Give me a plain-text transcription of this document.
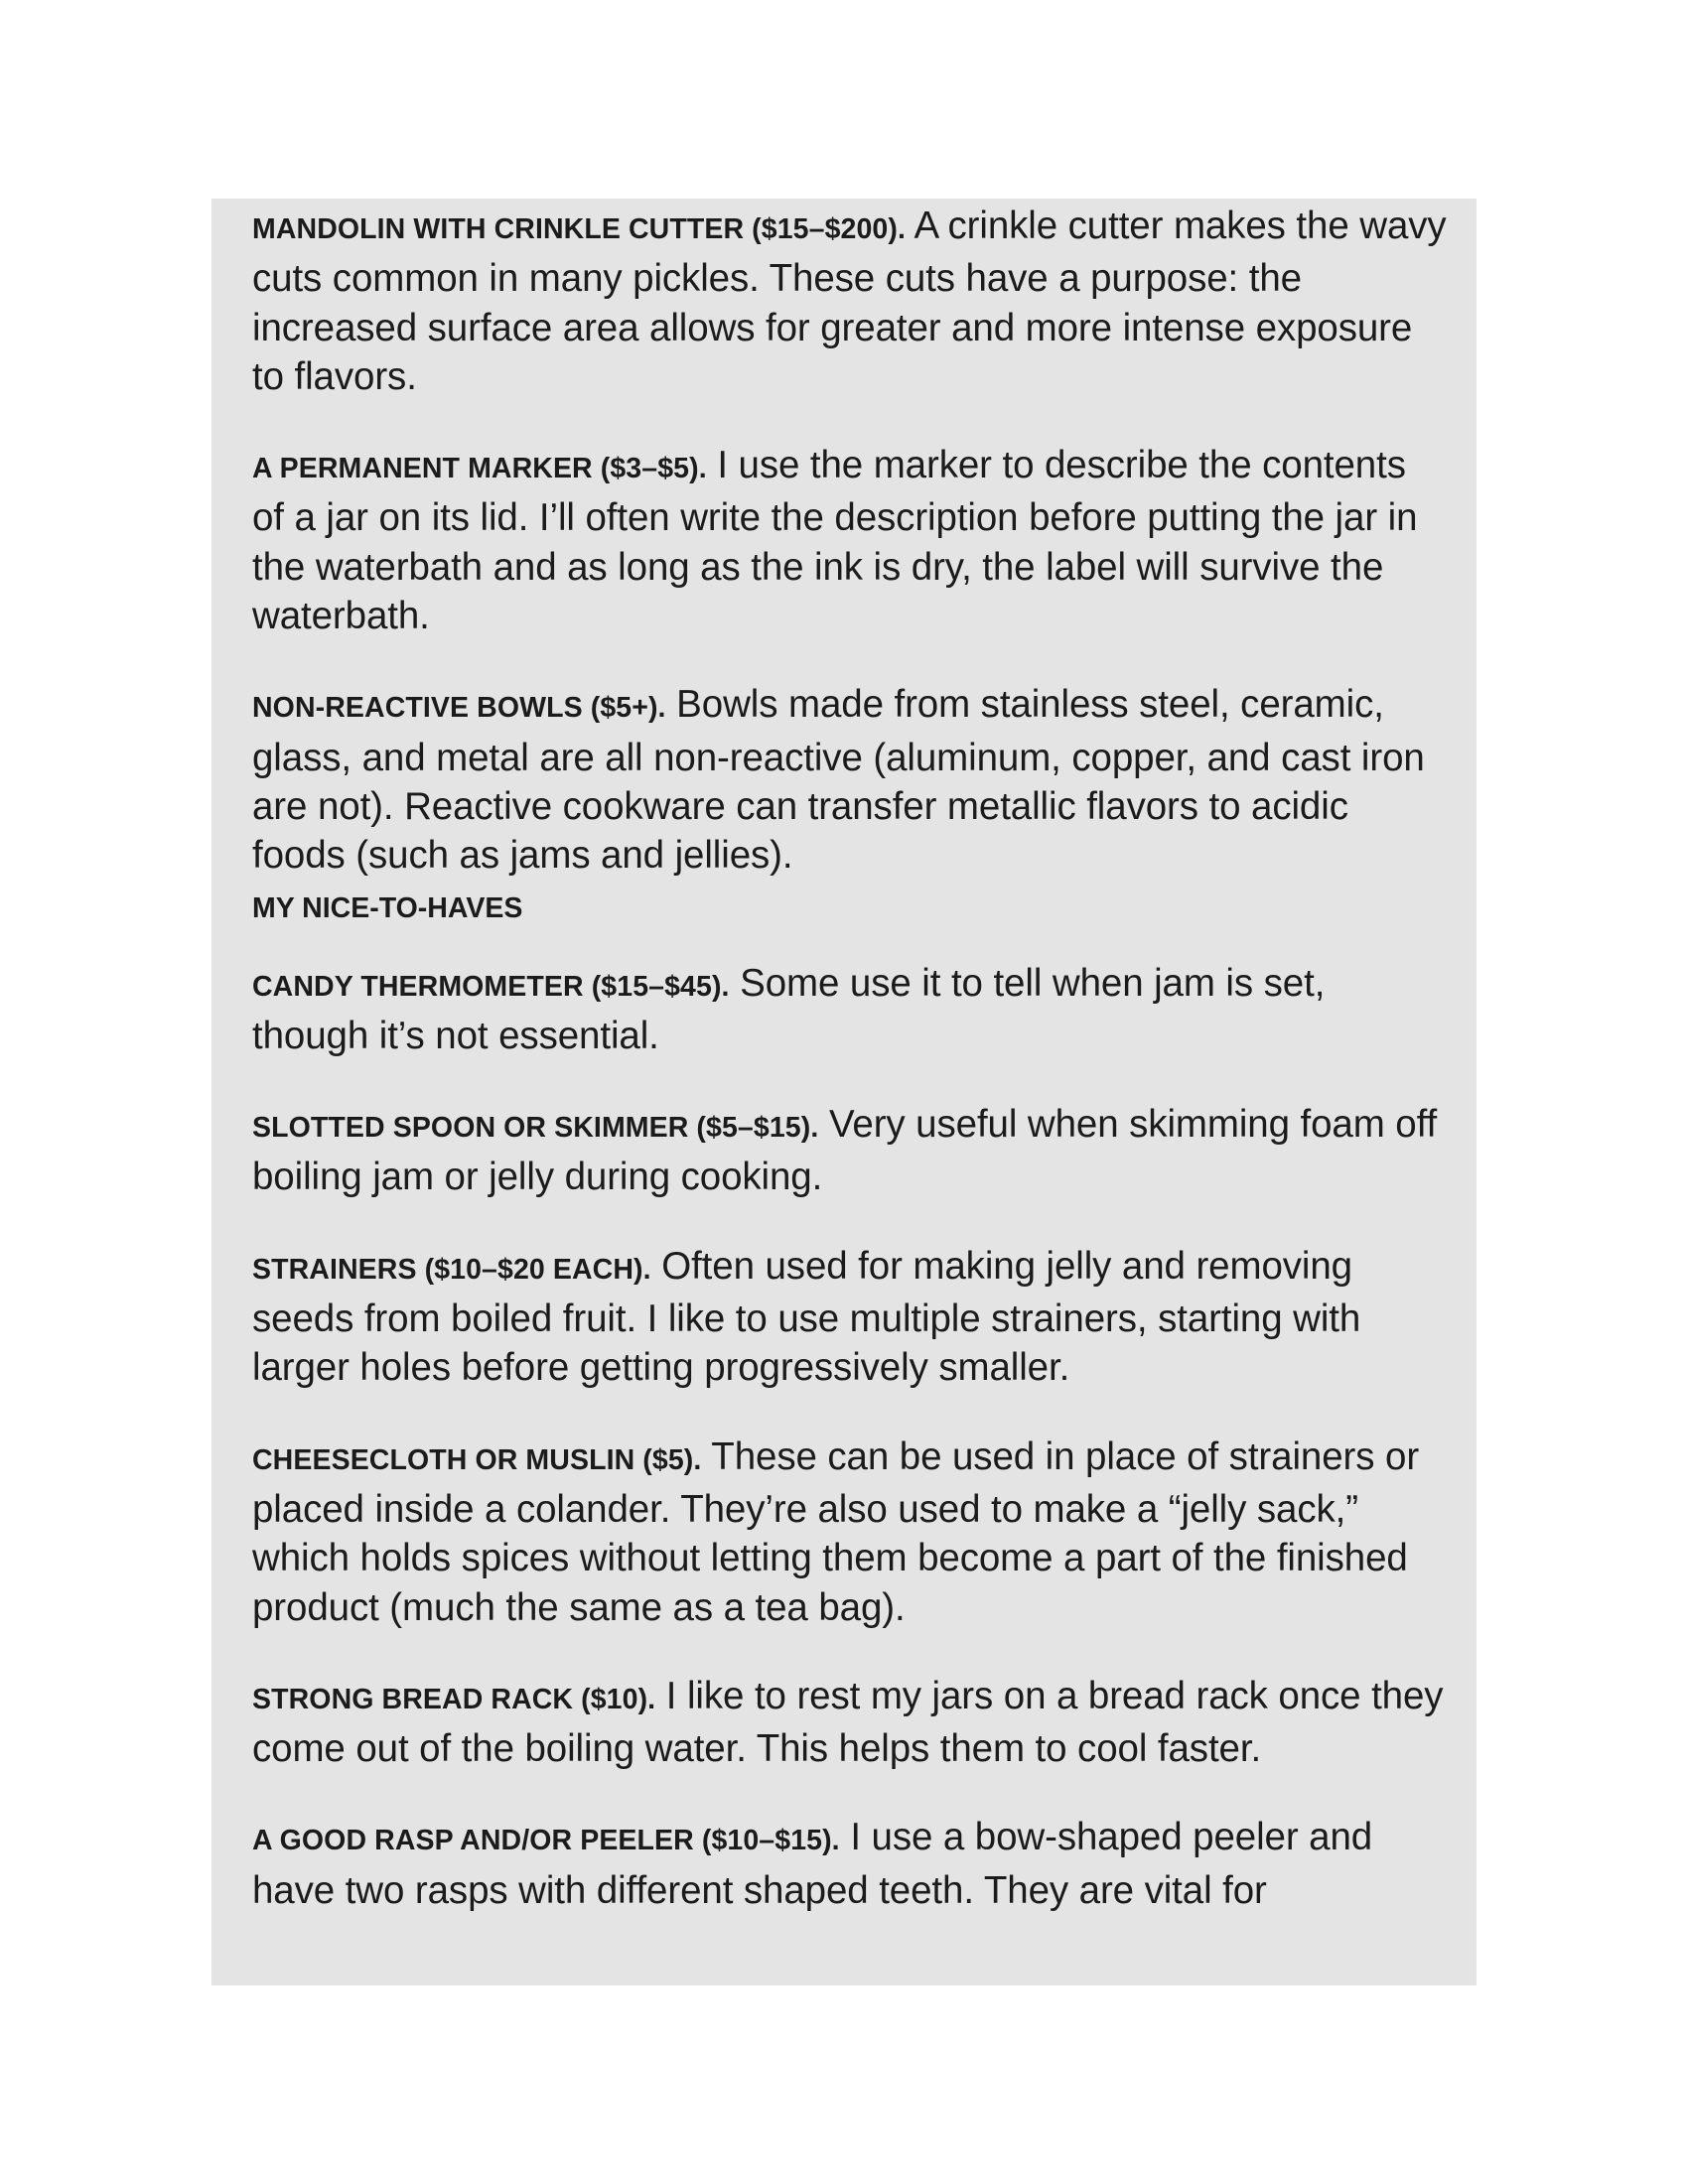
MANDOLIN WITH CRINKLE CUTTER ($15–$200). A crinkle cutter makes the wavy cuts common in many pickles. These cuts have a purpose: the increased surface area allows for greater and more intense exposure to flavors.

A PERMANENT MARKER ($3–$5). I use the marker to describe the contents of a jar on its lid. I’ll often write the description before putting the jar in the waterbath and as long as the ink is dry, the label will survive the waterbath.

NON-REACTIVE BOWLS ($5+). Bowls made from stainless steel, ceramic, glass, and metal are all non-reactive (aluminum, copper, and cast iron are not). Reactive cookware can transfer metallic flavors to acidic foods (such as jams and jellies).

MY NICE-TO-HAVES

CANDY THERMOMETER ($15–$45). Some use it to tell when jam is set, though it’s not essential.

SLOTTED SPOON OR SKIMMER ($5–$15). Very useful when skimming foam off boiling jam or jelly during cooking.

STRAINERS ($10–$20 EACH). Often used for making jelly and removing seeds from boiled fruit. I like to use multiple strainers, starting with larger holes before getting progressively smaller.

CHEESECLOTH OR MUSLIN ($5). These can be used in place of strainers or placed inside a colander. They’re also used to make a “jelly sack,” which holds spices without letting them become a part of the finished product (much the same as a tea bag).

STRONG BREAD RACK ($10). I like to rest my jars on a bread rack once they come out of the boiling water. This helps them to cool faster.

A GOOD RASP AND/OR PEELER ($10–$15). I use a bow-shaped peeler and have two rasps with different shaped teeth. They are vital for
